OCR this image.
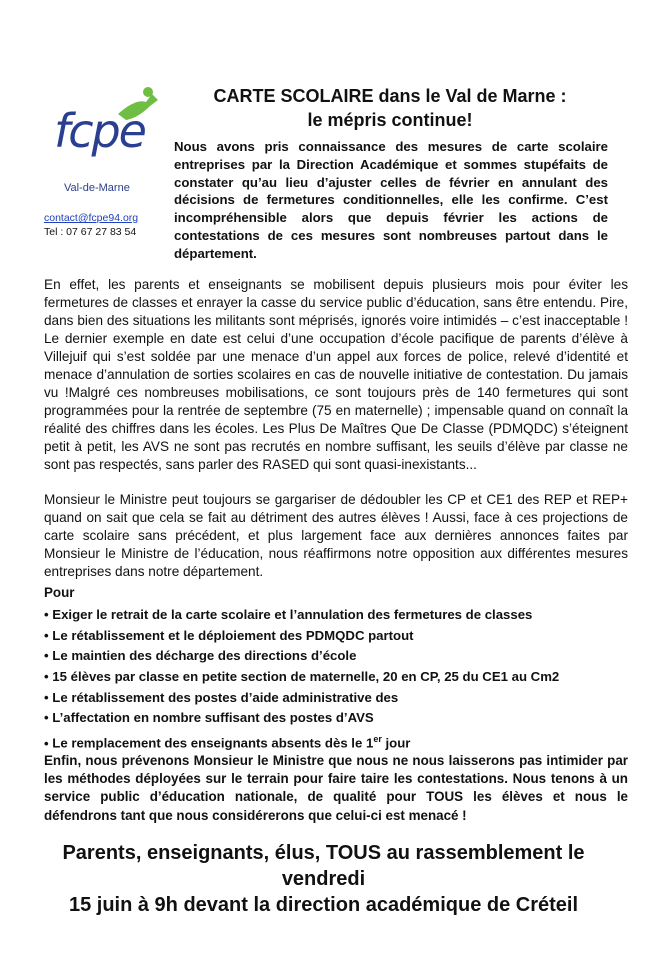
fcpe
Val-de-Marne
contact@fcpe94.org
Tel : 07 67 27 83 54
CARTE SCOLAIRE dans le Val de Marne :
le mépris continue!
Nous avons pris connaissance des mesures de carte scolaire entreprises par la Direction Académique et sommes stupéfaits de constater qu’au lieu d’ajuster celles de février en annulant des décisions de fermetures conditionnelles, elle les confirme. C’est incompréhensible alors que depuis février les actions de contestations de ces mesures sont nombreuses partout dans le département.
En effet, les parents et enseignants se mobilisent depuis plusieurs mois pour éviter les fermetures de classes et enrayer la casse du service public d’éducation, sans être entendu. Pire, dans bien des situations les militants sont méprisés, ignorés voire intimidés – c’est inacceptable ! Le dernier exemple en date est celui d’une occupation d’école pacifique de parents d’élève à Villejuif qui s’est soldée par une menace d’un appel aux forces de police, relevé d’identité et menace d’annulation de sorties scolaires en cas de nouvelle initiative de contestation. Du jamais vu !Malgré ces nombreuses mobilisations, ce sont toujours près de 140 fermetures qui sont programmées pour la rentrée de septembre (75 en maternelle) ; impensable quand on connaît la réalité des chiffres dans les écoles. Les Plus De Maîtres Que De Classe (PDMQDC) s’éteignent petit à petit, les AVS ne sont pas recrutés en nombre suffisant, les seuils d’élève par classe ne sont pas respectés, sans parler des RASED qui sont quasi-inexistants...
Monsieur le Ministre peut toujours se gargariser de dédoubler les CP et CE1 des REP et REP+ quand on sait que cela se fait au détriment des autres élèves ! Aussi, face à ces projections de carte scolaire sans précédent, et plus largement face aux dernières annonces faites par Monsieur le Ministre de l’éducation, nous réaffirmons notre opposition aux différentes mesures entreprises dans notre département.
Pour
• Exiger le retrait de la carte scolaire et l’annulation des fermetures de classes
• Le rétablissement et le déploiement des PDMQDC partout
• Le maintien des décharge des directions d’école
• 15 élèves par classe en petite section de maternelle, 20 en CP, 25 du CE1 au Cm2
• Le rétablissement des postes d’aide administrative des
• L’affectation en nombre suffisant des postes d’AVS
• Le remplacement des enseignants absents dès le 1er jour
Enfin, nous prévenons Monsieur le Ministre que nous ne nous laisserons pas intimider par les méthodes déployées sur le terrain pour faire taire les contestations. Nous tenons à un service public d’éducation nationale, de qualité pour TOUS les élèves et nous le défendrons tant que nous considérerons que celui-ci est menacé !
Parents, enseignants, élus, TOUS au rassemblement le vendredi
15 juin à 9h devant la direction académique de Créteil
